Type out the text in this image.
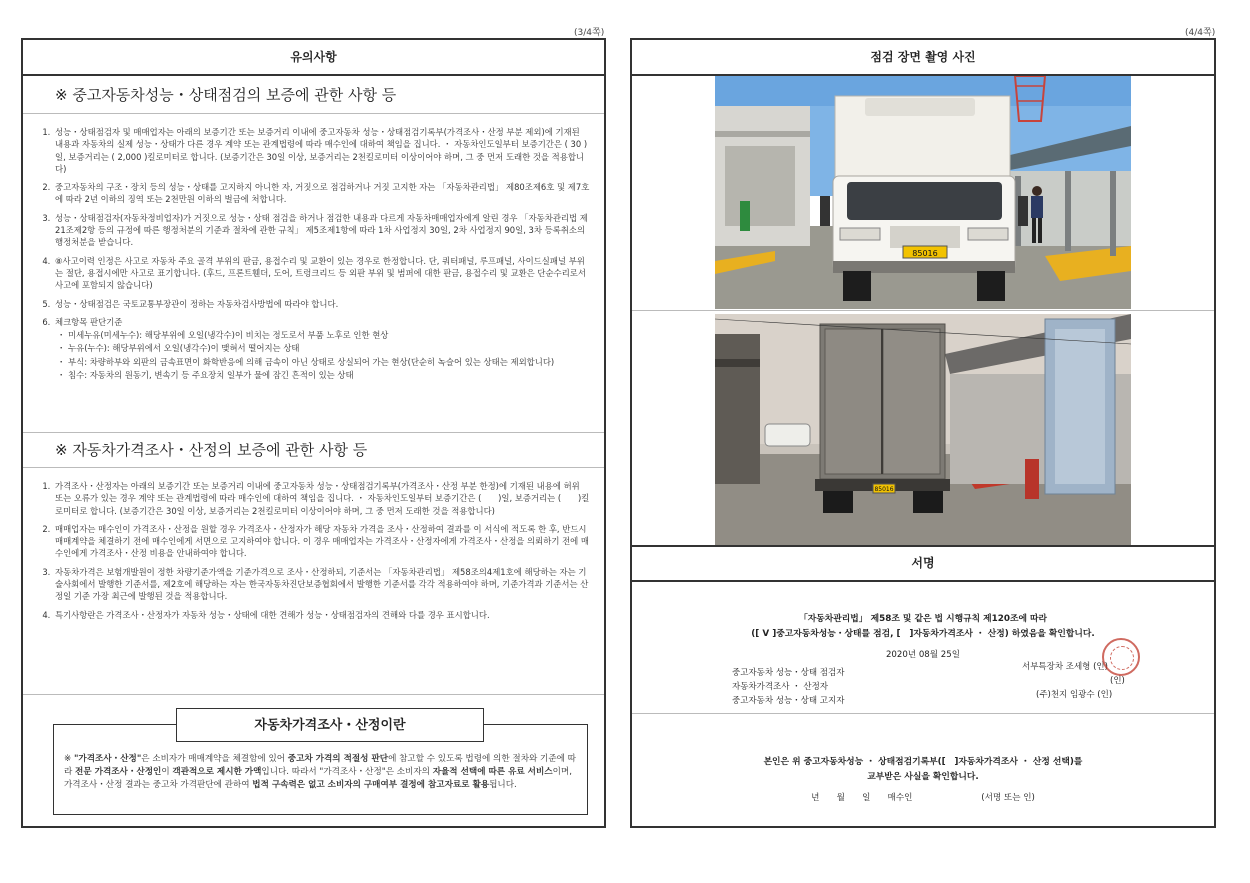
(3/4쪽)
유의사항
※ 중고자동차성능・상태점검의 보증에 관한 사항 등
1. 성능・상태점검자 및 매매업자는 아래의 보증기간 또는 보증거리 이내에 중고자동차 성능・상태점검기록부(가격조사・산정 부분 제외)에 기재된 내용과 자동차의 실제 성능・상태가 다른 경우 계약 또는 관계법령에 따라 매수인에 대하여 책임을 집니다. ・ 자동차인도일부터 보증기간은 ( 30 )일, 보증거리는 ( 2,000 )킬로미터로 합니다. (보증기간은 30일 이상, 보증거리는 2천킬로미터 이상이어야 하며, 그 중 먼저 도래한 것을 적용합니다)
2. 중고자동차의 구조・장치 등의 성능・상태를 고지하지 아니한 자, 거짓으로 점검하거나 거짓 고지한 자는 「자동차관리법」 제80조제6호 및 제7호에 따라 2년 이하의 징역 또는 2천만원 이하의 벌금에 처합니다.
3. 성능・상태점검자(자동차정비업자)가 거짓으로 성능・상태 점검을 하거나 점검한 내용과 다르게 자동차매매업자에게 알린 경우 「자동차관리법 제21조제2항 등의 규정에 따른 행정처분의 기준과 절차에 관한 규칙」 제5조제1항에 따라 1차 사업정지 30일, 2차 사업정지 90일, 3차 등록취소의 행정처분을 받습니다.
4. ⑧사고이력 인정은 사고로 자동차 주요 골격 부위의 판금, 용접수리 및 교환이 있는 경우로 한정합니다. 단, 쿼터패널, 루프패널, 사이드실패널 부위는 절단, 용접시에만 사고로 표기합니다. (후드, 프론트휀더, 도어, 트렁크리드 등 외판 부위 및 범퍼에 대한 판금, 용접수리 및 교환은 단순수리로서 사고에 포함되지 않습니다)
5. 성능・상태점검은 국토교통부장관이 정하는 자동차검사방법에 따라야 합니다.
6. 체크항목 판단기준
・ 미세누유(미세누수): 해당부위에 오일(냉각수)이 비치는 정도로서 부품 노후로 인한 현상
・ 누유(누수): 해당부위에서 오일(냉각수)이 맺혀서 떨어지는 상태
・ 부식: 차량하부와 외판의 금속표면이 화학반응에 의해 금속이 아닌 상태로 상실되어 가는 현상(단순히 녹슬어 있는 상태는 제외합니다)
・ 침수: 자동차의 원동기, 변속기 등 주요장치 일부가 물에 잠긴 흔적이 있는 상태
※ 자동차가격조사・산정의 보증에 관한 사항 등
1. 가격조사・산정자는 아래의 보증기간 또는 보증거리 이내에 중고자동차 성능・상태점검기록부(가격조사・산정 부분 한정)에 기재된 내용에 허위 또는 오류가 있는 경우 계약 또는 관계법령에 따라 매수인에 대하여 책임을 집니다. ・ 자동차인도일부터 보증기간은 (　　)일, 보증거리는 (　　)킬로미터로 합니다. (보증기간은 30일 이상, 보증거리는 2천킬로미터 이상이어야 하며, 그 중 먼저 도래한 것을 적용합니다)
2. 매매업자는 매수인이 가격조사・산정을 원할 경우 가격조사・산정자가 해당 자동차 가격을 조사・산정하여 결과를 이 서식에 적도록 한 후, 반드시 매매계약을 체결하기 전에 매수인에게 서면으로 고지하여야 합니다. 이 경우 매매업자는 가격조사・산정자에게 가격조사・산정을 의뢰하기 전에 매수인에게 가격조사・산정 비용을 안내하여야 합니다.
3. 자동차가격은 보험개발원이 정한 차량기준가액을 기준가격으로 조사・산정하되, 기준서는 「자동차관리법」 제58조의4제1호에 해당하는 자는 기술사회에서 발행한 기준서를, 제2호에 해당하는 자는 한국자동차진단보증협회에서 발행한 기준서를 각각 적용하여야 하며, 기준가격과 기준서는 산정일 기준 가장 최근에 발행된 것을 적용합니다.
4. 특기사항란은 가격조사・산정자가 자동차 성능・상태에 대한 견해가 성능・상태점검자의 견해와 다를 경우 표시합니다.
※ "가격조사・산정"은 소비자가 매매계약을 체결함에 있어 중고차 가격의 적절성 판단에 참고할 수 있도록 법령에 의한 절차와 기준에 따라 전문 가격조사・산정인이 객관적으로 제시한 가액입니다. 따라서 "가격조사・산정"은 소비자의 자율적 선택에 따른 유료 서비스이며, 가격조사・산정 결과는 중고차 가격판단에 관하여 법적 구속력은 없고 소비자의 구매여부 결정에 참고자료로 활용됩니다.
자동차가격조사・산정이란
(4/4쪽)
점검 장면 촬영 사진
85016
85016
서명
「자동차관리법」 제58조 및 같은 법 시행규칙 제120조에 따라
([ V ]중고자동차성능・상태를 점검, [　]자동차가격조사 ・ 산정) 하였음을 확인합니다.
2020년 08월 25일
중고자동차 성능・상태 점검자
서부특장차 조세형 (인)
자동차가격조사 ・ 산정자
(인)
중고자동차 성능・상태 고지자
(주)천지 임광수 (인)
본인은 위 중고자동차성능 ・ 상태점검기록부([　]자동차가격조사 ・ 산정 선택)를
교부받은 사실을 확인합니다.
년　　월　　일　　매수인　　　　　　　　(서명 또는 인)
